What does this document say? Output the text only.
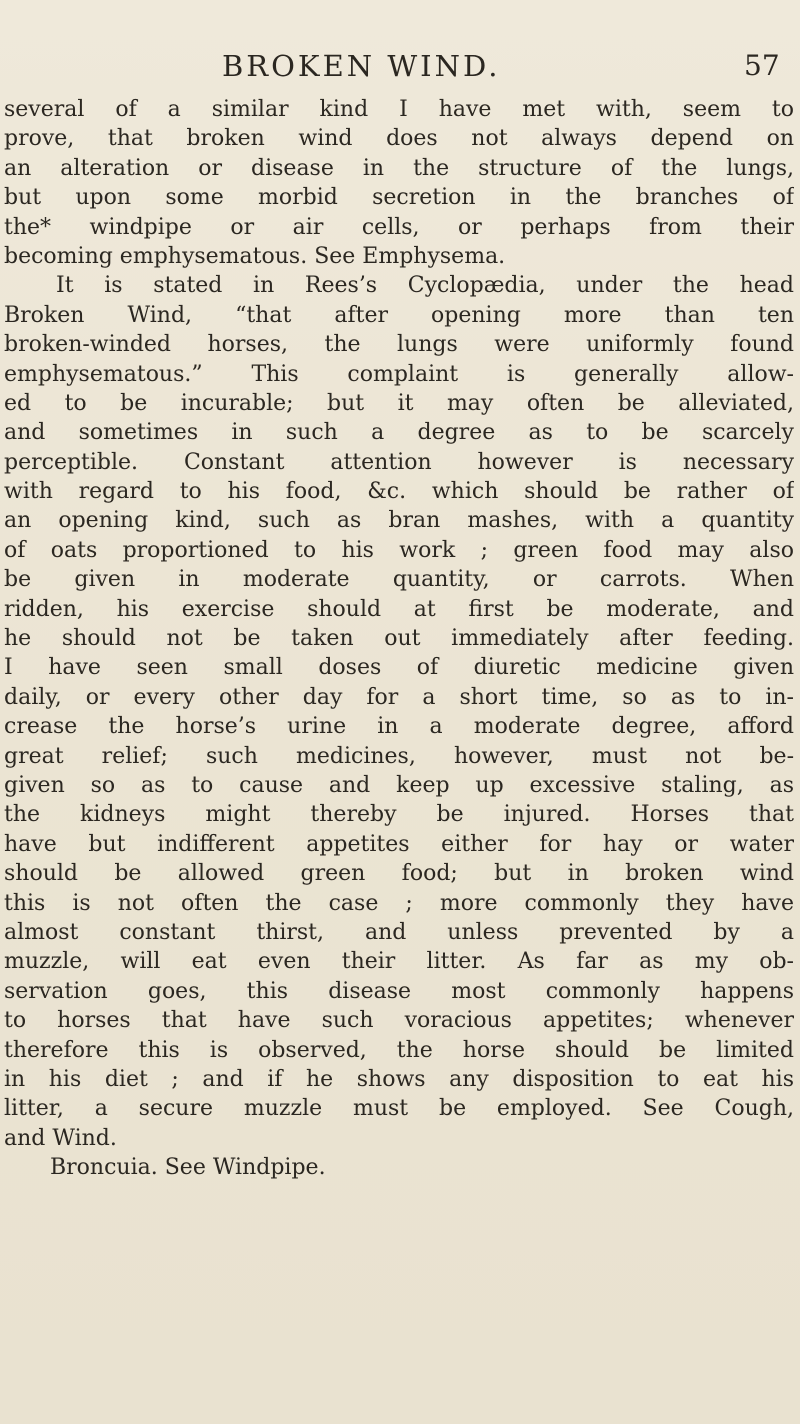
BROKEN WIND.	57
several of a similar kind I have met with, seem to
prove, that broken wind does not always depend on
an alteration or disease in the structure of the lungs,
but upon some morbid secretion in the branches of
the* windpipe or air cells, or perhaps from their
becoming emphysematous. See Emphysema.
It is stated in Rees’s Cyclopædia, under the head
Broken Wind, “that after opening more than ten
broken-winded horses, the lungs were uniformly found
emphysematous.” This complaint is generally allow-
ed to be incurable; but it may often be alleviated,
and sometimes in such a degree as to be scarcely
perceptible. Constant attention however is necessary
with regard to his food, &c. which should be rather of
an opening kind, such as bran mashes, with a quantity
of oats proportioned to his work ; green food may also
be given in moderate quantity, or carrots. When
ridden, his exercise should at first be moderate, and
he should not be taken out immediately after feeding.
I have seen small doses of diuretic medicine given
daily, or every other day for a short time, so as to in-
crease the horse’s urine in a moderate degree, afford
great relief; such medicines, however, must not be-
given so as to cause and keep up excessive staling, as
the kidneys might thereby be injured. Horses that
have but indifferent appetites either for hay or water
should be allowed green food; but in broken wind
this is not often the case ; more commonly they have
almost constant thirst, and unless prevented by a
muzzle, will eat even their litter. As far as my ob-
servation goes, this disease most commonly happens
to horses that have such voracious appetites; whenever
therefore this is observed, the horse should be limited
in his diet ; and if he shows any disposition to eat his
litter, a secure muzzle must be employed. See Cough,
and Wind.
Broncuia. See Windpipe.
